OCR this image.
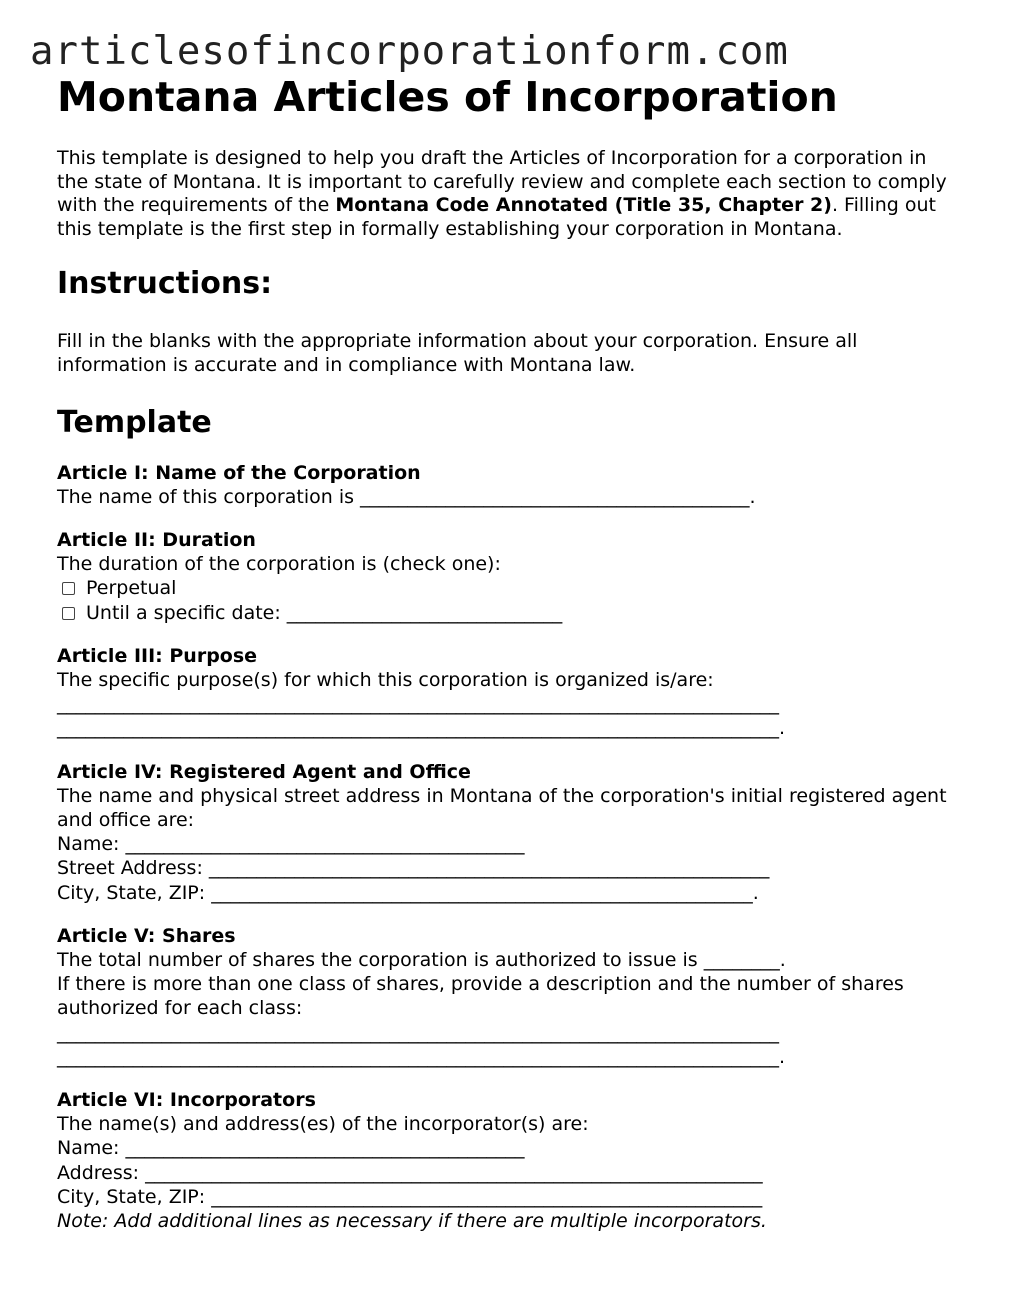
articlesofincorporationform.com
Montana Articles of Incorporation
This template is designed to help you draft the Articles of Incorporation for a corporation in the state of Montana. It is important to carefully review and complete each section to comply with the requirements of the Montana Code Annotated (Title 35, Chapter 2). Filling out this template is the first step in formally establishing your corporation in Montana.
Instructions:
Fill in the blanks with the appropriate information about your corporation. Ensure all information is accurate and in compliance with Montana law.
Template
Article I: Name of the Corporation
The name of this corporation is _________________________________________.
Article II: Duration
The duration of the corporation is (check one):
Perpetual
Until a specific date: _____________________________
Article III: Purpose
The specific purpose(s) for which this corporation is organized is/are:
____________________________________________________________________________
____________________________________________________________________________.
Article IV: Registered Agent and Office
The name and physical street address in Montana of the corporation's initial registered agent and office are:
Name: __________________________________________
Street Address: ___________________________________________________________
City, State, ZIP: _________________________________________________________.
Article V: Shares
The total number of shares the corporation is authorized to issue is ________.
If there is more than one class of shares, provide a description and the number of shares authorized for each class:
____________________________________________________________________________
____________________________________________________________________________.
Article VI: Incorporators
The name(s) and address(es) of the incorporator(s) are:
Name: __________________________________________
Address: _________________________________________________________________
City, State, ZIP: __________________________________________________________
Note: Add additional lines as necessary if there are multiple incorporators.
